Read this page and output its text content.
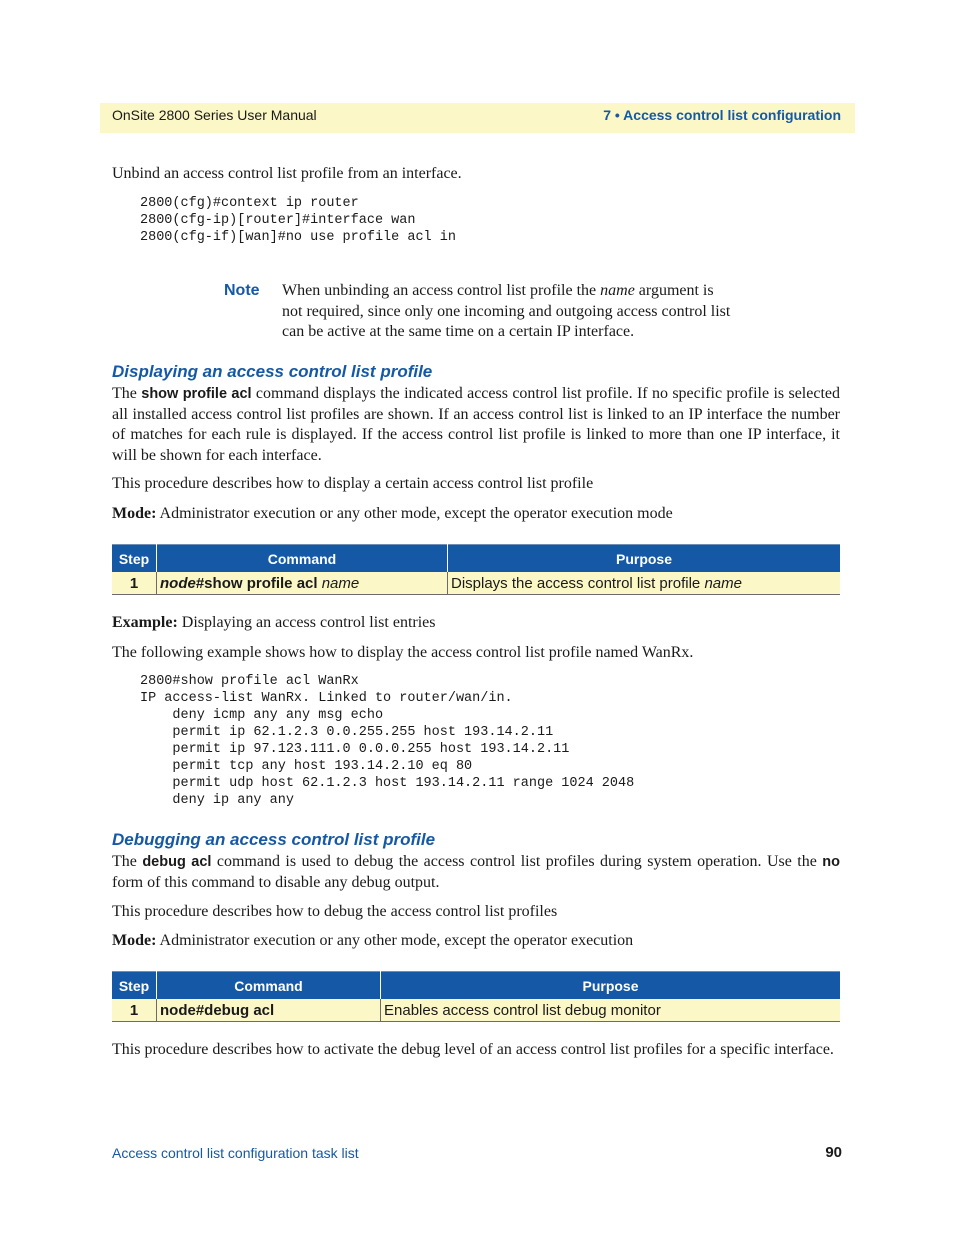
OnSite 2800 Series User Manual	7 • Access control list configuration
Unbind an access control list profile from an interface.
2800(cfg)#context ip router
2800(cfg-ip)[router]#interface wan
2800(cfg-if)[wan]#no use profile acl in
Note When unbinding an access control list profile the name argument is not required, since only one incoming and outgoing access control list can be active at the same time on a certain IP interface.
Displaying an access control list profile
The show profile acl command displays the indicated access control list profile. If no specific profile is selected all installed access control list profiles are shown. If an access control list is linked to an IP interface the number of matches for each rule is displayed. If the access control list profile is linked to more than one IP interface, it will be shown for each interface.
This procedure describes how to display a certain access control list profile
Mode: Administrator execution or any other mode, except the operator execution mode
Step	Command	Purpose
1	node#show profile acl name	Displays the access control list profile name
Example: Displaying an access control list entries
The following example shows how to display the access control list profile named WanRx.
2800#show profile acl WanRx
IP access-list WanRx. Linked to router/wan/in.
deny icmp any any msg echo
permit ip 62.1.2.3 0.0.255.255 host 193.14.2.11
permit ip 97.123.111.0 0.0.0.255 host 193.14.2.11
permit tcp any host 193.14.2.10 eq 80
permit udp host 62.1.2.3 host 193.14.2.11 range 1024 2048
deny ip any any
Debugging an access control list profile
The debug acl command is used to debug the access control list profiles during system operation. Use the no form of this command to disable any debug output.
This procedure describes how to debug the access control list profiles
Mode: Administrator execution or any other mode, except the operator execution
Step	Command	Purpose
1	node#debug acl	Enables access control list debug monitor
This procedure describes how to activate the debug level of an access control list profiles for a specific interface.
Access control list configuration task list	90
